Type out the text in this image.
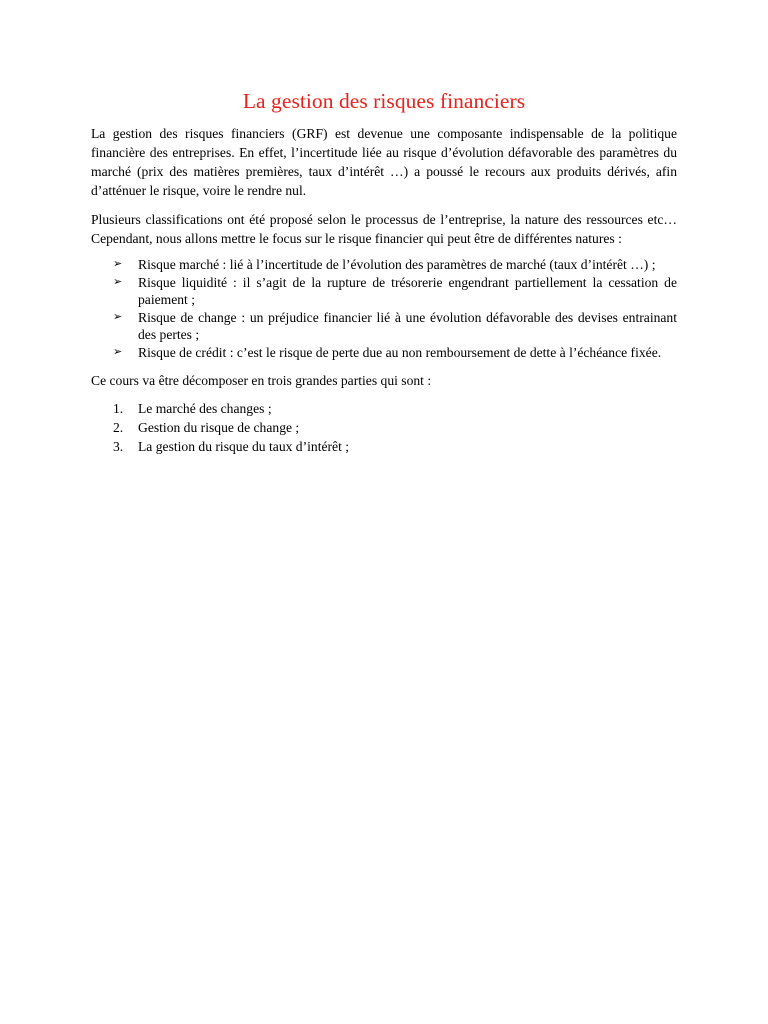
La gestion des risques financiers

La gestion des risques financiers (GRF) est devenue une composante indispensable de la politique financière des entreprises. En effet, l’incertitude liée au risque d’évolution défavorable des paramètres du marché (prix des matières premières, taux d’intérêt …) a poussé le recours aux produits dérivés, afin d’atténuer le risque, voire le rendre nul.

Plusieurs classifications ont été proposé selon le processus de l’entreprise, la nature des ressources etc… Cependant, nous allons mettre le focus sur le risque financier qui peut être de différentes natures :

➢ Risque marché : lié à l’incertitude de l’évolution des paramètres de marché (taux d’intérêt …) ;
➢ Risque liquidité : il s’agit de la rupture de trésorerie engendrant partiellement la cessation de paiement ;
➢ Risque de change : un préjudice financier lié à une évolution défavorable des devises entrainant des pertes ;
➢ Risque de crédit : c’est le risque de perte due au non remboursement de dette à l’échéance fixée.

Ce cours va être décomposer en trois grandes parties qui sont :

1. Le marché des changes ;
2. Gestion du risque de change ;
3. La gestion du risque du taux d’intérêt ;
